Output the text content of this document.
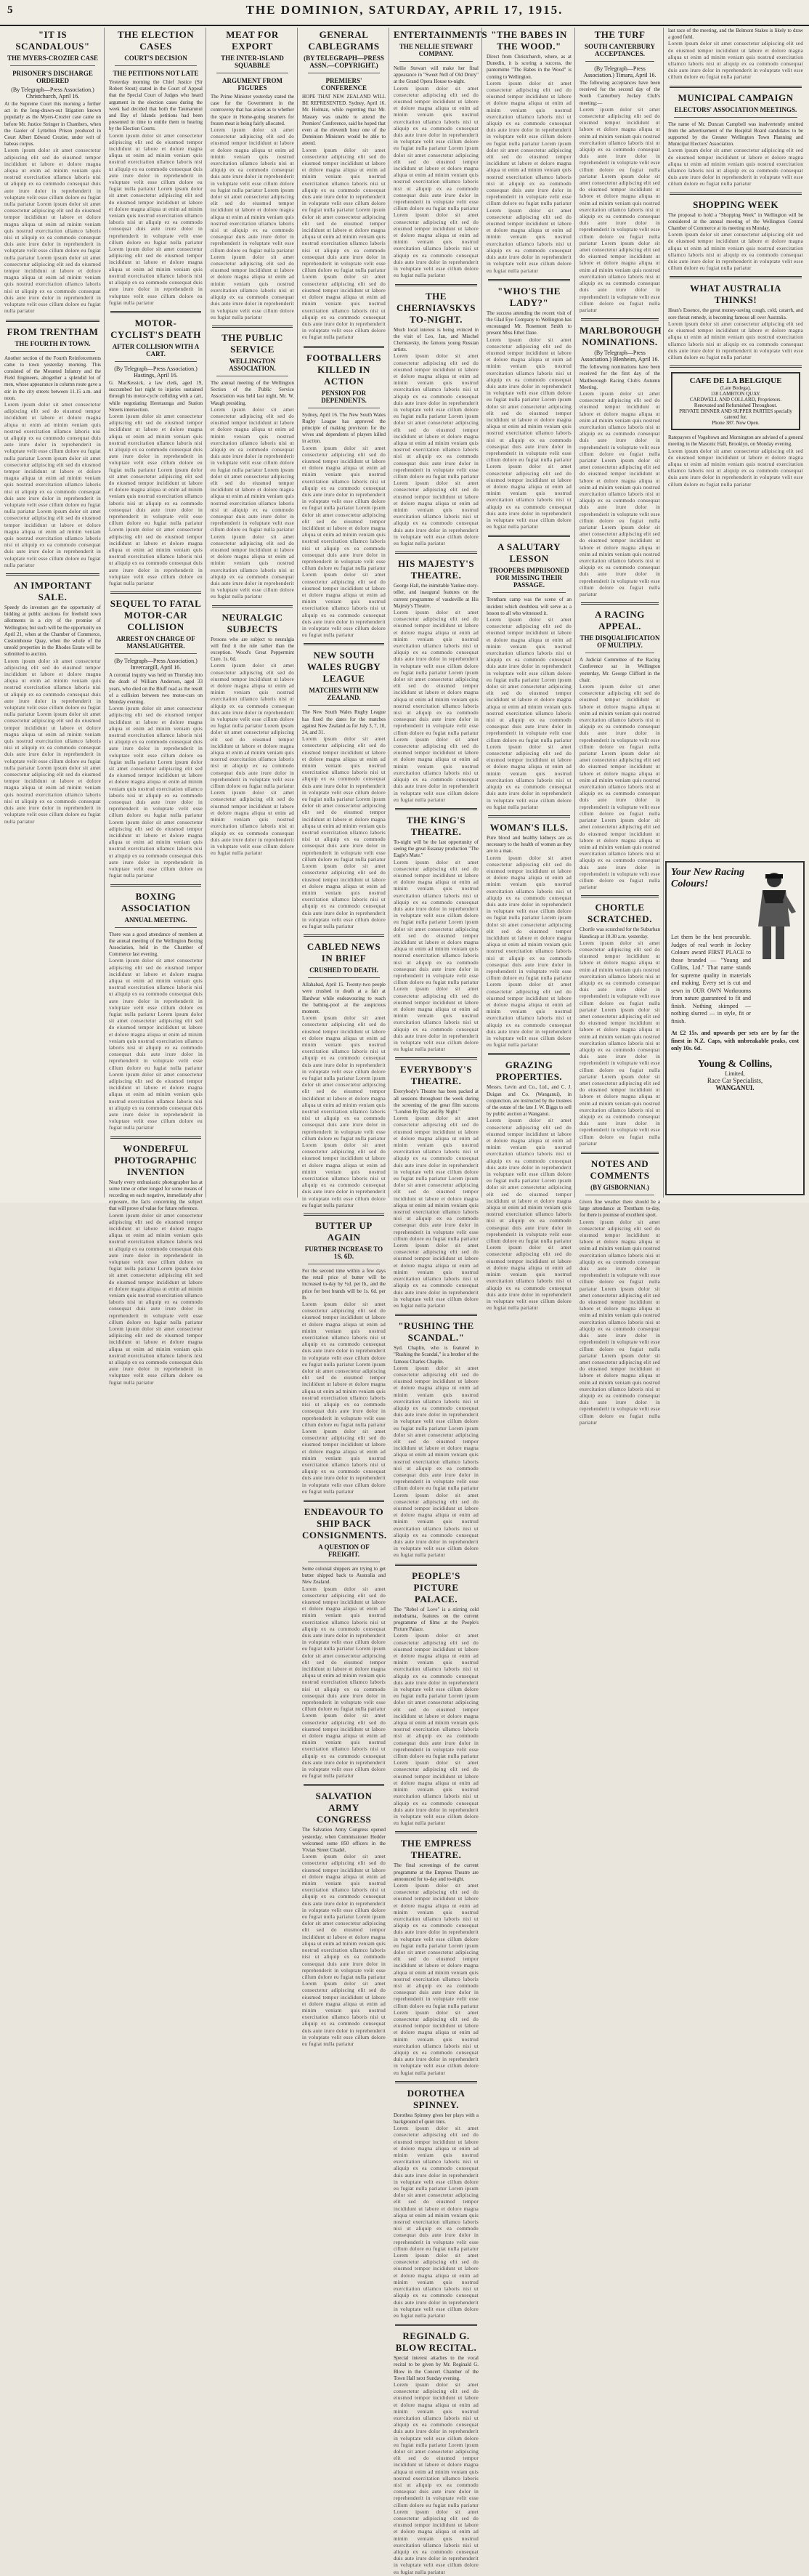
5	THE DOMINION, SATURDAY, APRIL 17, 1915.
"IT IS SCANDALOUS"
THE MYERS-CROZIER CASE
PRISONER'S DISCHARGE ORDERED
(By Telegraph—Press Association.) Christchurch, April 16.

At the Supreme Court this morning a further act in the long-drawn-out litigation known popularly as the Myers-Crozier case came on before Mr. Justice Stringer in Chambers, when the Gaoler of Lyttelton Prison produced in Court Albert Edward Crozier, under writ of habeas corpus.

Lorem ipsum dolor sit amet consectetur adipiscing elit sed do eiusmod tempor incididunt ut labore et dolore magna aliqua ut enim ad minim veniam quis nostrud exercitation ullamco laboris nisi ut aliquip ex ea commodo consequat duis aute irure dolor in reprehenderit in voluptate velit esse cillum dolore eu fugiat nulla pariatur Lorem ipsum dolor sit amet consectetur adipiscing elit sed do eiusmod tempor incididunt ut labore et dolore magna aliqua ut enim ad minim veniam quis nostrud exercitation ullamco laboris nisi ut aliquip ex ea commodo consequat duis aute irure dolor in reprehenderit in voluptate velit esse cillum dolore eu fugiat nulla pariatur Lorem ipsum dolor sit amet consectetur adipiscing elit sed do eiusmod tempor incididunt ut labore et dolore magna aliqua ut enim ad minim veniam quis nostrud exercitation ullamco laboris nisi ut aliquip ex ea commodo consequat duis aute irure dolor in reprehenderit in voluptate velit esse cillum dolore eu fugiat nulla pariatur

FROM TRENTHAM
THE FOURTH IN TOWN.

Another section of the Fourth Reinforcements came to town yesterday morning. This consisted of the Mounted Infantry and the Field Engineers, altogether a splendid lot of men, whose appearance in column route gave a stir in the city streets between 11.15 a.m. and noon.

Lorem ipsum dolor sit amet consectetur adipiscing elit sed do eiusmod tempor incididunt ut labore et dolore magna aliqua ut enim ad minim veniam quis nostrud exercitation ullamco laboris nisi ut aliquip ex ea commodo consequat duis aute irure dolor in reprehenderit in voluptate velit esse cillum dolore eu fugiat nulla pariatur Lorem ipsum dolor sit amet consectetur adipiscing elit sed do eiusmod tempor incididunt ut labore et dolore magna aliqua ut enim ad minim veniam quis nostrud exercitation ullamco laboris nisi ut aliquip ex ea commodo consequat duis aute irure dolor in reprehenderit in voluptate velit esse cillum dolore eu fugiat nulla pariatur Lorem ipsum dolor sit amet consectetur adipiscing elit sed do eiusmod tempor incididunt ut labore et dolore magna aliqua ut enim ad minim veniam quis nostrud exercitation ullamco laboris nisi ut aliquip ex ea commodo consequat duis aute irure dolor in reprehenderit in voluptate velit esse cillum dolore eu fugiat nulla pariatur

AN IMPORTANT SALE.

Speedy do investors get the opportunity of bidding at public auctions for freehold town allotments in a city of the promise of Wellington; but such will be the opportunity on April 21, when at the Chamber of Commerce, Customhouse Quay, when the whole of the unsold properties in the Rhodes Estate will be submitted to auction.

Lorem ipsum dolor sit amet consectetur adipiscing elit sed do eiusmod tempor incididunt ut labore et dolore magna aliqua ut enim ad minim veniam quis nostrud exercitation ullamco laboris nisi ut aliquip ex ea commodo consequat duis aute irure dolor in reprehenderit in voluptate velit esse cillum dolore eu fugiat nulla pariatur Lorem ipsum dolor sit amet consectetur adipiscing elit sed do eiusmod tempor incididunt ut labore et dolore magna aliqua ut enim ad minim veniam quis nostrud exercitation ullamco laboris nisi ut aliquip ex ea commodo consequat duis aute irure dolor in reprehenderit in voluptate velit esse cillum dolore eu fugiat nulla pariatur Lorem ipsum dolor sit amet consectetur adipiscing elit sed do eiusmod tempor incididunt ut labore et dolore magna aliqua ut enim ad minim veniam quis nostrud exercitation ullamco laboris nisi ut aliquip ex ea commodo consequat duis aute irure dolor in reprehenderit in voluptate velit esse cillum dolore eu fugiat nulla pariatur

THE ELECTION CASES
COURT'S DECISION
THE PETITIONS NOT LATE

Yesterday morning the Chief Justice (Sir Robert Stout) stated in the Court of Appeal that the Special Court of Judges who heard argument in the election cases during the week had decided that both the Taumarunui and Bay of Islands petitions had been presented in time to entitle them to hearing by the Election Courts.

Lorem ipsum dolor sit amet consectetur adipiscing elit sed do eiusmod tempor incididunt ut labore et dolore magna aliqua ut enim ad minim veniam quis nostrud exercitation ullamco laboris nisi ut aliquip ex ea commodo consequat duis aute irure dolor in reprehenderit in voluptate velit esse cillum dolore eu fugiat nulla pariatur Lorem ipsum dolor sit amet consectetur adipiscing elit sed do eiusmod tempor incididunt ut labore et dolore magna aliqua ut enim ad minim veniam quis nostrud exercitation ullamco laboris nisi ut aliquip ex ea commodo consequat duis aute irure dolor in reprehenderit in voluptate velit esse cillum dolore eu fugiat nulla pariatur Lorem ipsum dolor sit amet consectetur adipiscing elit sed do eiusmod tempor incididunt ut labore et dolore magna aliqua ut enim ad minim veniam quis nostrud exercitation ullamco laboris nisi ut aliquip ex ea commodo consequat duis aute irure dolor in reprehenderit in voluptate velit esse cillum dolore eu fugiat nulla pariatur

MOTOR-CYCLIST'S DEATH
AFTER COLLISION WITH A CART.
(By Telegraph—Press Association.) Hastings, April 16.

G. MacKessick, a law clerk, aged 19, succumbed last night to injuries sustained through his motor-cycle colliding with a cart, while negotiating Heretaunga and Station Streets intersection.

Lorem ipsum dolor sit amet consectetur adipiscing elit sed do eiusmod tempor incididunt ut labore et dolore magna aliqua ut enim ad minim veniam quis nostrud exercitation ullamco laboris nisi ut aliquip ex ea commodo consequat duis aute irure dolor in reprehenderit in voluptate velit esse cillum dolore eu fugiat nulla pariatur Lorem ipsum dolor sit amet consectetur adipiscing elit sed do eiusmod tempor incididunt ut labore et dolore magna aliqua ut enim ad minim veniam quis nostrud exercitation ullamco laboris nisi ut aliquip ex ea commodo consequat duis aute irure dolor in reprehenderit in voluptate velit esse cillum dolore eu fugiat nulla pariatur Lorem ipsum dolor sit amet consectetur adipiscing elit sed do eiusmod tempor incididunt ut labore et dolore magna aliqua ut enim ad minim veniam quis nostrud exercitation ullamco laboris nisi ut aliquip ex ea commodo consequat duis aute irure dolor in reprehenderit in voluptate velit esse cillum dolore eu fugiat nulla pariatur

SEQUEL TO FATAL MOTOR-CAR COLLISION
ARREST ON CHARGE OF MANSLAUGHTER.
(By Telegraph—Press Association.) Invercargill, April 16.

A coronial inquiry was held on Thursday into the death of William Anderson, aged 33 years, who died on the Bluff road as the result of a collision between two motor-cars on Monday evening.

Lorem ipsum dolor sit amet consectetur adipiscing elit sed do eiusmod tempor incididunt ut labore et dolore magna aliqua ut enim ad minim veniam quis nostrud exercitation ullamco laboris nisi ut aliquip ex ea commodo consequat duis aute irure dolor in reprehenderit in voluptate velit esse cillum dolore eu fugiat nulla pariatur Lorem ipsum dolor sit amet consectetur adipiscing elit sed do eiusmod tempor incididunt ut labore et dolore magna aliqua ut enim ad minim veniam quis nostrud exercitation ullamco laboris nisi ut aliquip ex ea commodo consequat duis aute irure dolor in reprehenderit in voluptate velit esse cillum dolore eu fugiat nulla pariatur Lorem ipsum dolor sit amet consectetur adipiscing elit sed do eiusmod tempor incididunt ut labore et dolore magna aliqua ut enim ad minim veniam quis nostrud exercitation ullamco laboris nisi ut aliquip ex ea commodo consequat duis aute irure dolor in reprehenderit in voluptate velit esse cillum dolore eu fugiat nulla pariatur

BOXING ASSOCIATION
ANNUAL MEETING.

There was a good attendance of members at the annual meeting of the Wellington Boxing Association, held in the Chamber of Commerce last evening.

Lorem ipsum dolor sit amet consectetur adipiscing elit sed do eiusmod tempor incididunt ut labore et dolore magna aliqua ut enim ad minim veniam quis nostrud exercitation ullamco laboris nisi ut aliquip ex ea commodo consequat duis aute irure dolor in reprehenderit in voluptate velit esse cillum dolore eu fugiat nulla pariatur Lorem ipsum dolor sit amet consectetur adipiscing elit sed do eiusmod tempor incididunt ut labore et dolore magna aliqua ut enim ad minim veniam quis nostrud exercitation ullamco laboris nisi ut aliquip ex ea commodo consequat duis aute irure dolor in reprehenderit in voluptate velit esse cillum dolore eu fugiat nulla pariatur Lorem ipsum dolor sit amet consectetur adipiscing elit sed do eiusmod tempor incididunt ut labore et dolore magna aliqua ut enim ad minim veniam quis nostrud exercitation ullamco laboris nisi ut aliquip ex ea commodo consequat duis aute irure dolor in reprehenderit in voluptate velit esse cillum dolore eu fugiat nulla pariatur

WONDERFUL PHOTOGRAPHIC INVENTION

Nearly every enthusiastic photographer has at some time or other longed for some means of recording on each negative, immediately after exposure, the facts concerning the subject that will prove of value for future reference.

Lorem ipsum dolor sit amet consectetur adipiscing elit sed do eiusmod tempor incididunt ut labore et dolore magna aliqua ut enim ad minim veniam quis nostrud exercitation ullamco laboris nisi ut aliquip ex ea commodo consequat duis aute irure dolor in reprehenderit in voluptate velit esse cillum dolore eu fugiat nulla pariatur Lorem ipsum dolor sit amet consectetur adipiscing elit sed do eiusmod tempor incididunt ut labore et dolore magna aliqua ut enim ad minim veniam quis nostrud exercitation ullamco laboris nisi ut aliquip ex ea commodo consequat duis aute irure dolor in reprehenderit in voluptate velit esse cillum dolore eu fugiat nulla pariatur Lorem ipsum dolor sit amet consectetur adipiscing elit sed do eiusmod tempor incididunt ut labore et dolore magna aliqua ut enim ad minim veniam quis nostrud exercitation ullamco laboris nisi ut aliquip ex ea commodo consequat duis aute irure dolor in reprehenderit in voluptate velit esse cillum dolore eu fugiat nulla pariatur

MEAT FOR EXPORT
THE INTER-ISLAND SQUABBLE
ARGUMENT FROM FIGURES

The Prime Minister yesterday stated the case for the Government in the controversy that has arisen as to whether the space in Home-going steamers for frozen meat is being fairly allocated.

Lorem ipsum dolor sit amet consectetur adipiscing elit sed do eiusmod tempor incididunt ut labore et dolore magna aliqua ut enim ad minim veniam quis nostrud exercitation ullamco laboris nisi ut aliquip ex ea commodo consequat duis aute irure dolor in reprehenderit in voluptate velit esse cillum dolore eu fugiat nulla pariatur Lorem ipsum dolor sit amet consectetur adipiscing elit sed do eiusmod tempor incididunt ut labore et dolore magna aliqua ut enim ad minim veniam quis nostrud exercitation ullamco laboris nisi ut aliquip ex ea commodo consequat duis aute irure dolor in reprehenderit in voluptate velit esse cillum dolore eu fugiat nulla pariatur Lorem ipsum dolor sit amet consectetur adipiscing elit sed do eiusmod tempor incididunt ut labore et dolore magna aliqua ut enim ad minim veniam quis nostrud exercitation ullamco laboris nisi ut aliquip ex ea commodo consequat duis aute irure dolor in reprehenderit in voluptate velit esse cillum dolore eu fugiat nulla pariatur

THE PUBLIC SERVICE
WELLINGTON ASSOCIATION.

The annual meeting of the Wellington Section of the Public Service Association was held last night, Mr. W. Waugh presiding.

Lorem ipsum dolor sit amet consectetur adipiscing elit sed do eiusmod tempor incididunt ut labore et dolore magna aliqua ut enim ad minim veniam quis nostrud exercitation ullamco laboris nisi ut aliquip ex ea commodo consequat duis aute irure dolor in reprehenderit in voluptate velit esse cillum dolore eu fugiat nulla pariatur Lorem ipsum dolor sit amet consectetur adipiscing elit sed do eiusmod tempor incididunt ut labore et dolore magna aliqua ut enim ad minim veniam quis nostrud exercitation ullamco laboris nisi ut aliquip ex ea commodo consequat duis aute irure dolor in reprehenderit in voluptate velit esse cillum dolore eu fugiat nulla pariatur Lorem ipsum dolor sit amet consectetur adipiscing elit sed do eiusmod tempor incididunt ut labore et dolore magna aliqua ut enim ad minim veniam quis nostrud exercitation ullamco laboris nisi ut aliquip ex ea commodo consequat duis aute irure dolor in reprehenderit in voluptate velit esse cillum dolore eu fugiat nulla pariatur

NEURALGIC SUBJECTS

Persons who are subject to neuralgia will find it the rule rather than the exception. Wood's Great Peppermint Cure. 1s. 6d.

Lorem ipsum dolor sit amet consectetur adipiscing elit sed do eiusmod tempor incididunt ut labore et dolore magna aliqua ut enim ad minim veniam quis nostrud exercitation ullamco laboris nisi ut aliquip ex ea commodo consequat duis aute irure dolor in reprehenderit in voluptate velit esse cillum dolore eu fugiat nulla pariatur Lorem ipsum dolor sit amet consectetur adipiscing elit sed do eiusmod tempor incididunt ut labore et dolore magna aliqua ut enim ad minim veniam quis nostrud exercitation ullamco laboris nisi ut aliquip ex ea commodo consequat duis aute irure dolor in reprehenderit in voluptate velit esse cillum dolore eu fugiat nulla pariatur Lorem ipsum dolor sit amet consectetur adipiscing elit sed do eiusmod tempor incididunt ut labore et dolore magna aliqua ut enim ad minim veniam quis nostrud exercitation ullamco laboris nisi ut aliquip ex ea commodo consequat duis aute irure dolor in reprehenderit in voluptate velit esse cillum dolore eu fugiat nulla pariatur

GENERAL CABLEGRAMS
(BY TELEGRAPH—PRESS ASSN.—COPYRIGHT.)
PREMIERS' CONFERENCE

HOPE THAT NEW ZEALAND WILL BE REPRESENTED. Sydney, April 16. Mr. Holman, while regretting that Mr. Massey was unable to attend the Premiers' Conference, said he hoped that even at the eleventh hour one of the Dominion Ministers would be able to attend.

Lorem ipsum dolor sit amet consectetur adipiscing elit sed do eiusmod tempor incididunt ut labore et dolore magna aliqua ut enim ad minim veniam quis nostrud exercitation ullamco laboris nisi ut aliquip ex ea commodo consequat duis aute irure dolor in reprehenderit in voluptate velit esse cillum dolore eu fugiat nulla pariatur Lorem ipsum dolor sit amet consectetur adipiscing elit sed do eiusmod tempor incididunt ut labore et dolore magna aliqua ut enim ad minim veniam quis nostrud exercitation ullamco laboris nisi ut aliquip ex ea commodo consequat duis aute irure dolor in reprehenderit in voluptate velit esse cillum dolore eu fugiat nulla pariatur Lorem ipsum dolor sit amet consectetur adipiscing elit sed do eiusmod tempor incididunt ut labore et dolore magna aliqua ut enim ad minim veniam quis nostrud exercitation ullamco laboris nisi ut aliquip ex ea commodo consequat duis aute irure dolor in reprehenderit in voluptate velit esse cillum dolore eu fugiat nulla pariatur

FOOTBALLERS KILLED IN ACTION
PENSION FOR DEPENDENTS.

Sydney, April 16. The New South Wales Rugby League has approved the principle of making provision for the wives and dependents of players killed in action.

Lorem ipsum dolor sit amet consectetur adipiscing elit sed do eiusmod tempor incididunt ut labore et dolore magna aliqua ut enim ad minim veniam quis nostrud exercitation ullamco laboris nisi ut aliquip ex ea commodo consequat duis aute irure dolor in reprehenderit in voluptate velit esse cillum dolore eu fugiat nulla pariatur Lorem ipsum dolor sit amet consectetur adipiscing elit sed do eiusmod tempor incididunt ut labore et dolore magna aliqua ut enim ad minim veniam quis nostrud exercitation ullamco laboris nisi ut aliquip ex ea commodo consequat duis aute irure dolor in reprehenderit in voluptate velit esse cillum dolore eu fugiat nulla pariatur Lorem ipsum dolor sit amet consectetur adipiscing elit sed do eiusmod tempor incididunt ut labore et dolore magna aliqua ut enim ad minim veniam quis nostrud exercitation ullamco laboris nisi ut aliquip ex ea commodo consequat duis aute irure dolor in reprehenderit in voluptate velit esse cillum dolore eu fugiat nulla pariatur

NEW SOUTH WALES RUGBY LEAGUE
MATCHES WITH NEW ZEALAND.

The New South Wales Rugby League has fixed the dates for the matches against New Zealand as for July 3, 7, 10, 24, and 31.

Lorem ipsum dolor sit amet consectetur adipiscing elit sed do eiusmod tempor incididunt ut labore et dolore magna aliqua ut enim ad minim veniam quis nostrud exercitation ullamco laboris nisi ut aliquip ex ea commodo consequat duis aute irure dolor in reprehenderit in voluptate velit esse cillum dolore eu fugiat nulla pariatur Lorem ipsum dolor sit amet consectetur adipiscing elit sed do eiusmod tempor incididunt ut labore et dolore magna aliqua ut enim ad minim veniam quis nostrud exercitation ullamco laboris nisi ut aliquip ex ea commodo consequat duis aute irure dolor in reprehenderit in voluptate velit esse cillum dolore eu fugiat nulla pariatur Lorem ipsum dolor sit amet consectetur adipiscing elit sed do eiusmod tempor incididunt ut labore et dolore magna aliqua ut enim ad minim veniam quis nostrud exercitation ullamco laboris nisi ut aliquip ex ea commodo consequat duis aute irure dolor in reprehenderit in voluptate velit esse cillum dolore eu fugiat nulla pariatur

CABLED NEWS IN BRIEF
CRUSHED TO DEATH.

Allahabad, April 15. Twenty-two people were crushed to death at a fair at Hardwar while endeavouring to reach the bathing-pool at the auspicious moment.

Lorem ipsum dolor sit amet consectetur adipiscing elit sed do eiusmod tempor incididunt ut labore et dolore magna aliqua ut enim ad minim veniam quis nostrud exercitation ullamco laboris nisi ut aliquip ex ea commodo consequat duis aute irure dolor in reprehenderit in voluptate velit esse cillum dolore eu fugiat nulla pariatur Lorem ipsum dolor sit amet consectetur adipiscing elit sed do eiusmod tempor incididunt ut labore et dolore magna aliqua ut enim ad minim veniam quis nostrud exercitation ullamco laboris nisi ut aliquip ex ea commodo consequat duis aute irure dolor in reprehenderit in voluptate velit esse cillum dolore eu fugiat nulla pariatur Lorem ipsum dolor sit amet consectetur adipiscing elit sed do eiusmod tempor incididunt ut labore et dolore magna aliqua ut enim ad minim veniam quis nostrud exercitation ullamco laboris nisi ut aliquip ex ea commodo consequat duis aute irure dolor in reprehenderit in voluptate velit esse cillum dolore eu fugiat nulla pariatur

BUTTER UP AGAIN
FURTHER INCREASE TO 1S. 6D.

For the second time within a few days the retail price of butter will be increased to-day by ½d. per lb., and the price for best brands will be 1s. 6d. per lb.

Lorem ipsum dolor sit amet consectetur adipiscing elit sed do eiusmod tempor incididunt ut labore et dolore magna aliqua ut enim ad minim veniam quis nostrud exercitation ullamco laboris nisi ut aliquip ex ea commodo consequat duis aute irure dolor in reprehenderit in voluptate velit esse cillum dolore eu fugiat nulla pariatur Lorem ipsum dolor sit amet consectetur adipiscing elit sed do eiusmod tempor incididunt ut labore et dolore magna aliqua ut enim ad minim veniam quis nostrud exercitation ullamco laboris nisi ut aliquip ex ea commodo consequat duis aute irure dolor in reprehenderit in voluptate velit esse cillum dolore eu fugiat nulla pariatur Lorem ipsum dolor sit amet consectetur adipiscing elit sed do eiusmod tempor incididunt ut labore et dolore magna aliqua ut enim ad minim veniam quis nostrud exercitation ullamco laboris nisi ut aliquip ex ea commodo consequat duis aute irure dolor in reprehenderit in voluptate velit esse cillum dolore eu fugiat nulla pariatur

ENDEAVOUR TO SHIP BACK CONSIGNMENTS.
A QUESTION OF FREIGHT.

Some colonial shippers are trying to get butter shipped back to Australia and New Zealand.

Lorem ipsum dolor sit amet consectetur adipiscing elit sed do eiusmod tempor incididunt ut labore et dolore magna aliqua ut enim ad minim veniam quis nostrud exercitation ullamco laboris nisi ut aliquip ex ea commodo consequat duis aute irure dolor in reprehenderit in voluptate velit esse cillum dolore eu fugiat nulla pariatur Lorem ipsum dolor sit amet consectetur adipiscing elit sed do eiusmod tempor incididunt ut labore et dolore magna aliqua ut enim ad minim veniam quis nostrud exercitation ullamco laboris nisi ut aliquip ex ea commodo consequat duis aute irure dolor in reprehenderit in voluptate velit esse cillum dolore eu fugiat nulla pariatur Lorem ipsum dolor sit amet consectetur adipiscing elit sed do eiusmod tempor incididunt ut labore et dolore magna aliqua ut enim ad minim veniam quis nostrud exercitation ullamco laboris nisi ut aliquip ex ea commodo consequat duis aute irure dolor in reprehenderit in voluptate velit esse cillum dolore eu fugiat nulla pariatur

SALVATION ARMY CONGRESS

The Salvation Army Congress opened yesterday, when Commissioner Hodder welcomed some 850 officers in the Vivian Street Citadel.

Lorem ipsum dolor sit amet consectetur adipiscing elit sed do eiusmod tempor incididunt ut labore et dolore magna aliqua ut enim ad minim veniam quis nostrud exercitation ullamco laboris nisi ut aliquip ex ea commodo consequat duis aute irure dolor in reprehenderit in voluptate velit esse cillum dolore eu fugiat nulla pariatur Lorem ipsum dolor sit amet consectetur adipiscing elit sed do eiusmod tempor incididunt ut labore et dolore magna aliqua ut enim ad minim veniam quis nostrud exercitation ullamco laboris nisi ut aliquip ex ea commodo consequat duis aute irure dolor in reprehenderit in voluptate velit esse cillum dolore eu fugiat nulla pariatur Lorem ipsum dolor sit amet consectetur adipiscing elit sed do eiusmod tempor incididunt ut labore et dolore magna aliqua ut enim ad minim veniam quis nostrud exercitation ullamco laboris nisi ut aliquip ex ea commodo consequat duis aute irure dolor in reprehenderit in voluptate velit esse cillum dolore eu fugiat nulla pariatur

ENTERTAINMENTS
THE NELLIE STEWART COMPANY.

Nellie Stewart will make her final appearance in "Sweet Nell of Old Drury" at the Grand Opera House to-night.

Lorem ipsum dolor sit amet consectetur adipiscing elit sed do eiusmod tempor incididunt ut labore et dolore magna aliqua ut enim ad minim veniam quis nostrud exercitation ullamco laboris nisi ut aliquip ex ea commodo consequat duis aute irure dolor in reprehenderit in voluptate velit esse cillum dolore eu fugiat nulla pariatur Lorem ipsum dolor sit amet consectetur adipiscing elit sed do eiusmod tempor incididunt ut labore et dolore magna aliqua ut enim ad minim veniam quis nostrud exercitation ullamco laboris nisi ut aliquip ex ea commodo consequat duis aute irure dolor in reprehenderit in voluptate velit esse cillum dolore eu fugiat nulla pariatur Lorem ipsum dolor sit amet consectetur adipiscing elit sed do eiusmod tempor incididunt ut labore et dolore magna aliqua ut enim ad minim veniam quis nostrud exercitation ullamco laboris nisi ut aliquip ex ea commodo consequat duis aute irure dolor in reprehenderit in voluptate velit esse cillum dolore eu fugiat nulla pariatur

THE CHERNIAVSKYS TO-NIGHT.

Much local interest is being evinced in the visit of Leo, Jan, and Mischel Cherniavsky, the famous young Russian artists.

Lorem ipsum dolor sit amet consectetur adipiscing elit sed do eiusmod tempor incididunt ut labore et dolore magna aliqua ut enim ad minim veniam quis nostrud exercitation ullamco laboris nisi ut aliquip ex ea commodo consequat duis aute irure dolor in reprehenderit in voluptate velit esse cillum dolore eu fugiat nulla pariatur Lorem ipsum dolor sit amet consectetur adipiscing elit sed do eiusmod tempor incididunt ut labore et dolore magna aliqua ut enim ad minim veniam quis nostrud exercitation ullamco laboris nisi ut aliquip ex ea commodo consequat duis aute irure dolor in reprehenderit in voluptate velit esse cillum dolore eu fugiat nulla pariatur Lorem ipsum dolor sit amet consectetur adipiscing elit sed do eiusmod tempor incididunt ut labore et dolore magna aliqua ut enim ad minim veniam quis nostrud exercitation ullamco laboris nisi ut aliquip ex ea commodo consequat duis aute irure dolor in reprehenderit in voluptate velit esse cillum dolore eu fugiat nulla pariatur

HIS MAJESTY'S THEATRE.

George Hall, the inimitable Yankee story-teller, and inaugural features on the current programme of vaudeville at His Majesty's Theatre.

Lorem ipsum dolor sit amet consectetur adipiscing elit sed do eiusmod tempor incididunt ut labore et dolore magna aliqua ut enim ad minim veniam quis nostrud exercitation ullamco laboris nisi ut aliquip ex ea commodo consequat duis aute irure dolor in reprehenderit in voluptate velit esse cillum dolore eu fugiat nulla pariatur Lorem ipsum dolor sit amet consectetur adipiscing elit sed do eiusmod tempor incididunt ut labore et dolore magna aliqua ut enim ad minim veniam quis nostrud exercitation ullamco laboris nisi ut aliquip ex ea commodo consequat duis aute irure dolor in reprehenderit in voluptate velit esse cillum dolore eu fugiat nulla pariatur Lorem ipsum dolor sit amet consectetur adipiscing elit sed do eiusmod tempor incididunt ut labore et dolore magna aliqua ut enim ad minim veniam quis nostrud exercitation ullamco laboris nisi ut aliquip ex ea commodo consequat duis aute irure dolor in reprehenderit in voluptate velit esse cillum dolore eu fugiat nulla pariatur

THE KING'S THEATRE.

To-night will be the last opportunity of seeing the great Essanay production "The Eagle's Mate."

Lorem ipsum dolor sit amet consectetur adipiscing elit sed do eiusmod tempor incididunt ut labore et dolore magna aliqua ut enim ad minim veniam quis nostrud exercitation ullamco laboris nisi ut aliquip ex ea commodo consequat duis aute irure dolor in reprehenderit in voluptate velit esse cillum dolore eu fugiat nulla pariatur Lorem ipsum dolor sit amet consectetur adipiscing elit sed do eiusmod tempor incididunt ut labore et dolore magna aliqua ut enim ad minim veniam quis nostrud exercitation ullamco laboris nisi ut aliquip ex ea commodo consequat duis aute irure dolor in reprehenderit in voluptate velit esse cillum dolore eu fugiat nulla pariatur Lorem ipsum dolor sit amet consectetur adipiscing elit sed do eiusmod tempor incididunt ut labore et dolore magna aliqua ut enim ad minim veniam quis nostrud exercitation ullamco laboris nisi ut aliquip ex ea commodo consequat duis aute irure dolor in reprehenderit in voluptate velit esse cillum dolore eu fugiat nulla pariatur

EVERYBODY'S THEATRE.

Everybody's Theatre has been packed at all sessions throughout the week during the screening of the great film success "London By Day and By Night."

Lorem ipsum dolor sit amet consectetur adipiscing elit sed do eiusmod tempor incididunt ut labore et dolore magna aliqua ut enim ad minim veniam quis nostrud exercitation ullamco laboris nisi ut aliquip ex ea commodo consequat duis aute irure dolor in reprehenderit in voluptate velit esse cillum dolore eu fugiat nulla pariatur Lorem ipsum dolor sit amet consectetur adipiscing elit sed do eiusmod tempor incididunt ut labore et dolore magna aliqua ut enim ad minim veniam quis nostrud exercitation ullamco laboris nisi ut aliquip ex ea commodo consequat duis aute irure dolor in reprehenderit in voluptate velit esse cillum dolore eu fugiat nulla pariatur Lorem ipsum dolor sit amet consectetur adipiscing elit sed do eiusmod tempor incididunt ut labore et dolore magna aliqua ut enim ad minim veniam quis nostrud exercitation ullamco laboris nisi ut aliquip ex ea commodo consequat duis aute irure dolor in reprehenderit in voluptate velit esse cillum dolore eu fugiat nulla pariatur

"RUSHING THE SCANDAL."

Syd. Chaplin, who is featured in "Rushing the Scandal," is a brother of the famous Charles Chaplin.

Lorem ipsum dolor sit amet consectetur adipiscing elit sed do eiusmod tempor incididunt ut labore et dolore magna aliqua ut enim ad minim veniam quis nostrud exercitation ullamco laboris nisi ut aliquip ex ea commodo consequat duis aute irure dolor in reprehenderit in voluptate velit esse cillum dolore eu fugiat nulla pariatur Lorem ipsum dolor sit amet consectetur adipiscing elit sed do eiusmod tempor incididunt ut labore et dolore magna aliqua ut enim ad minim veniam quis nostrud exercitation ullamco laboris nisi ut aliquip ex ea commodo consequat duis aute irure dolor in reprehenderit in voluptate velit esse cillum dolore eu fugiat nulla pariatur Lorem ipsum dolor sit amet consectetur adipiscing elit sed do eiusmod tempor incididunt ut labore et dolore magna aliqua ut enim ad minim veniam quis nostrud exercitation ullamco laboris nisi ut aliquip ex ea commodo consequat duis aute irure dolor in reprehenderit in voluptate velit esse cillum dolore eu fugiat nulla pariatur

PEOPLE'S PICTURE PALACE.

The "Rebel of Love" is a stirring cold melodrama, features on the current programme of films at the People's Picture Palace.

Lorem ipsum dolor sit amet consectetur adipiscing elit sed do eiusmod tempor incididunt ut labore et dolore magna aliqua ut enim ad minim veniam quis nostrud exercitation ullamco laboris nisi ut aliquip ex ea commodo consequat duis aute irure dolor in reprehenderit in voluptate velit esse cillum dolore eu fugiat nulla pariatur Lorem ipsum dolor sit amet consectetur adipiscing elit sed do eiusmod tempor incididunt ut labore et dolore magna aliqua ut enim ad minim veniam quis nostrud exercitation ullamco laboris nisi ut aliquip ex ea commodo consequat duis aute irure dolor in reprehenderit in voluptate velit esse cillum dolore eu fugiat nulla pariatur Lorem ipsum dolor sit amet consectetur adipiscing elit sed do eiusmod tempor incididunt ut labore et dolore magna aliqua ut enim ad minim veniam quis nostrud exercitation ullamco laboris nisi ut aliquip ex ea commodo consequat duis aute irure dolor in reprehenderit in voluptate velit esse cillum dolore eu fugiat nulla pariatur

THE EMPRESS THEATRE.

The final screenings of the current programme at the Empress Theatre are announced for to-day and to-night.

Lorem ipsum dolor sit amet consectetur adipiscing elit sed do eiusmod tempor incididunt ut labore et dolore magna aliqua ut enim ad minim veniam quis nostrud exercitation ullamco laboris nisi ut aliquip ex ea commodo consequat duis aute irure dolor in reprehenderit in voluptate velit esse cillum dolore eu fugiat nulla pariatur Lorem ipsum dolor sit amet consectetur adipiscing elit sed do eiusmod tempor incididunt ut labore et dolore magna aliqua ut enim ad minim veniam quis nostrud exercitation ullamco laboris nisi ut aliquip ex ea commodo consequat duis aute irure dolor in reprehenderit in voluptate velit esse cillum dolore eu fugiat nulla pariatur Lorem ipsum dolor sit amet consectetur adipiscing elit sed do eiusmod tempor incididunt ut labore et dolore magna aliqua ut enim ad minim veniam quis nostrud exercitation ullamco laboris nisi ut aliquip ex ea commodo consequat duis aute irure dolor in reprehenderit in voluptate velit esse cillum dolore eu fugiat nulla pariatur

DOROTHEA SPINNEY.

Dorothea Spinney gives her plays with a background of quiet tints.

Lorem ipsum dolor sit amet consectetur adipiscing elit sed do eiusmod tempor incididunt ut labore et dolore magna aliqua ut enim ad minim veniam quis nostrud exercitation ullamco laboris nisi ut aliquip ex ea commodo consequat duis aute irure dolor in reprehenderit in voluptate velit esse cillum dolore eu fugiat nulla pariatur Lorem ipsum dolor sit amet consectetur adipiscing elit sed do eiusmod tempor incididunt ut labore et dolore magna aliqua ut enim ad minim veniam quis nostrud exercitation ullamco laboris nisi ut aliquip ex ea commodo consequat duis aute irure dolor in reprehenderit in voluptate velit esse cillum dolore eu fugiat nulla pariatur Lorem ipsum dolor sit amet consectetur adipiscing elit sed do eiusmod tempor incididunt ut labore et dolore magna aliqua ut enim ad minim veniam quis nostrud exercitation ullamco laboris nisi ut aliquip ex ea commodo consequat duis aute irure dolor in reprehenderit in voluptate velit esse cillum dolore eu fugiat nulla pariatur

REGINALD G. BLOW RECITAL.

Special interest attaches to the vocal recital to be given by Mr. Reginald G. Blow in the Concert Chamber of the Town Hall next Sunday evening.

Lorem ipsum dolor sit amet consectetur adipiscing elit sed do eiusmod tempor incididunt ut labore et dolore magna aliqua ut enim ad minim veniam quis nostrud exercitation ullamco laboris nisi ut aliquip ex ea commodo consequat duis aute irure dolor in reprehenderit in voluptate velit esse cillum dolore eu fugiat nulla pariatur Lorem ipsum dolor sit amet consectetur adipiscing elit sed do eiusmod tempor incididunt ut labore et dolore magna aliqua ut enim ad minim veniam quis nostrud exercitation ullamco laboris nisi ut aliquip ex ea commodo consequat duis aute irure dolor in reprehenderit in voluptate velit esse cillum dolore eu fugiat nulla pariatur Lorem ipsum dolor sit amet consectetur adipiscing elit sed do eiusmod tempor incididunt ut labore et dolore magna aliqua ut enim ad minim veniam quis nostrud exercitation ullamco laboris nisi ut aliquip ex ea commodo consequat duis aute irure dolor in reprehenderit in voluptate velit esse cillum dolore eu fugiat nulla pariatur

"THE BABES IN THE WOOD."

Direct from Christchurch, where, as at Dunedin, it is scoring a success, the pantomime "The Babes in the Wood" is coming to Wellington.

Lorem ipsum dolor sit amet consectetur adipiscing elit sed do eiusmod tempor incididunt ut labore et dolore magna aliqua ut enim ad minim veniam quis nostrud exercitation ullamco laboris nisi ut aliquip ex ea commodo consequat duis aute irure dolor in reprehenderit in voluptate velit esse cillum dolore eu fugiat nulla pariatur Lorem ipsum dolor sit amet consectetur adipiscing elit sed do eiusmod tempor incididunt ut labore et dolore magna aliqua ut enim ad minim veniam quis nostrud exercitation ullamco laboris nisi ut aliquip ex ea commodo consequat duis aute irure dolor in reprehenderit in voluptate velit esse cillum dolore eu fugiat nulla pariatur Lorem ipsum dolor sit amet consectetur adipiscing elit sed do eiusmod tempor incididunt ut labore et dolore magna aliqua ut enim ad minim veniam quis nostrud exercitation ullamco laboris nisi ut aliquip ex ea commodo consequat duis aute irure dolor in reprehenderit in voluptate velit esse cillum dolore eu fugiat nulla pariatur

"WHO'S THE LADY?"

The success attending the recent visit of the Glad Eye Company to Wellington has encouraged Mr. Rosemont Smith to present Miss Ethel Dane.

Lorem ipsum dolor sit amet consectetur adipiscing elit sed do eiusmod tempor incididunt ut labore et dolore magna aliqua ut enim ad minim veniam quis nostrud exercitation ullamco laboris nisi ut aliquip ex ea commodo consequat duis aute irure dolor in reprehenderit in voluptate velit esse cillum dolore eu fugiat nulla pariatur Lorem ipsum dolor sit amet consectetur adipiscing elit sed do eiusmod tempor incididunt ut labore et dolore magna aliqua ut enim ad minim veniam quis nostrud exercitation ullamco laboris nisi ut aliquip ex ea commodo consequat duis aute irure dolor in reprehenderit in voluptate velit esse cillum dolore eu fugiat nulla pariatur Lorem ipsum dolor sit amet consectetur adipiscing elit sed do eiusmod tempor incididunt ut labore et dolore magna aliqua ut enim ad minim veniam quis nostrud exercitation ullamco laboris nisi ut aliquip ex ea commodo consequat duis aute irure dolor in reprehenderit in voluptate velit esse cillum dolore eu fugiat nulla pariatur

A SALUTARY LESSON
TROOPERS IMPRISONED FOR MISSING THEIR PASSAGE.

Trentham camp was the scene of an incident which doubtless will serve as a lesson to all who witnessed it.

Lorem ipsum dolor sit amet consectetur adipiscing elit sed do eiusmod tempor incididunt ut labore et dolore magna aliqua ut enim ad minim veniam quis nostrud exercitation ullamco laboris nisi ut aliquip ex ea commodo consequat duis aute irure dolor in reprehenderit in voluptate velit esse cillum dolore eu fugiat nulla pariatur Lorem ipsum dolor sit amet consectetur adipiscing elit sed do eiusmod tempor incididunt ut labore et dolore magna aliqua ut enim ad minim veniam quis nostrud exercitation ullamco laboris nisi ut aliquip ex ea commodo consequat duis aute irure dolor in reprehenderit in voluptate velit esse cillum dolore eu fugiat nulla pariatur Lorem ipsum dolor sit amet consectetur adipiscing elit sed do eiusmod tempor incididunt ut labore et dolore magna aliqua ut enim ad minim veniam quis nostrud exercitation ullamco laboris nisi ut aliquip ex ea commodo consequat duis aute irure dolor in reprehenderit in voluptate velit esse cillum dolore eu fugiat nulla pariatur

WOMAN'S ILLS.

Pure blood and healthy kidneys are as necessary to the health of women as they are to a man.

Lorem ipsum dolor sit amet consectetur adipiscing elit sed do eiusmod tempor incididunt ut labore et dolore magna aliqua ut enim ad minim veniam quis nostrud exercitation ullamco laboris nisi ut aliquip ex ea commodo consequat duis aute irure dolor in reprehenderit in voluptate velit esse cillum dolore eu fugiat nulla pariatur Lorem ipsum dolor sit amet consectetur adipiscing elit sed do eiusmod tempor incididunt ut labore et dolore magna aliqua ut enim ad minim veniam quis nostrud exercitation ullamco laboris nisi ut aliquip ex ea commodo consequat duis aute irure dolor in reprehenderit in voluptate velit esse cillum dolore eu fugiat nulla pariatur Lorem ipsum dolor sit amet consectetur adipiscing elit sed do eiusmod tempor incididunt ut labore et dolore magna aliqua ut enim ad minim veniam quis nostrud exercitation ullamco laboris nisi ut aliquip ex ea commodo consequat duis aute irure dolor in reprehenderit in voluptate velit esse cillum dolore eu fugiat nulla pariatur

GRAZING PROPERTIES.

Messrs. Levin and Co., Ltd., and C. J. Duigan and Co. (Wanganui), in conjunction, are instructed by the trustees of the estate of the late J. W. Biggs to sell by public auction at Wanganui.

Lorem ipsum dolor sit amet consectetur adipiscing elit sed do eiusmod tempor incididunt ut labore et dolore magna aliqua ut enim ad minim veniam quis nostrud exercitation ullamco laboris nisi ut aliquip ex ea commodo consequat duis aute irure dolor in reprehenderit in voluptate velit esse cillum dolore eu fugiat nulla pariatur Lorem ipsum dolor sit amet consectetur adipiscing elit sed do eiusmod tempor incididunt ut labore et dolore magna aliqua ut enim ad minim veniam quis nostrud exercitation ullamco laboris nisi ut aliquip ex ea commodo consequat duis aute irure dolor in reprehenderit in voluptate velit esse cillum dolore eu fugiat nulla pariatur Lorem ipsum dolor sit amet consectetur adipiscing elit sed do eiusmod tempor incididunt ut labore et dolore magna aliqua ut enim ad minim veniam quis nostrud exercitation ullamco laboris nisi ut aliquip ex ea commodo consequat duis aute irure dolor in reprehenderit in voluptate velit esse cillum dolore eu fugiat nulla pariatur

THE TURF
SOUTH CANTERBURY ACCEPTANCES.
(By Telegraph—Press Association.) Timaru, April 16.

The following acceptances have been received for the second day of the South Canterbury Jockey Club's meeting:—

Lorem ipsum dolor sit amet consectetur adipiscing elit sed do eiusmod tempor incididunt ut labore et dolore magna aliqua ut enim ad minim veniam quis nostrud exercitation ullamco laboris nisi ut aliquip ex ea commodo consequat duis aute irure dolor in reprehenderit in voluptate velit esse cillum dolore eu fugiat nulla pariatur Lorem ipsum dolor sit amet consectetur adipiscing elit sed do eiusmod tempor incididunt ut labore et dolore magna aliqua ut enim ad minim veniam quis nostrud exercitation ullamco laboris nisi ut aliquip ex ea commodo consequat duis aute irure dolor in reprehenderit in voluptate velit esse cillum dolore eu fugiat nulla pariatur Lorem ipsum dolor sit amet consectetur adipiscing elit sed do eiusmod tempor incididunt ut labore et dolore magna aliqua ut enim ad minim veniam quis nostrud exercitation ullamco laboris nisi ut aliquip ex ea commodo consequat duis aute irure dolor in reprehenderit in voluptate velit esse cillum dolore eu fugiat nulla pariatur

MARLBOROUGH NOMINATIONS.
(By Telegraph—Press Association.) Blenheim, April 16.

The following nominations have been received for the first day of the Marlborough Racing Club's Autumn Meeting.

Lorem ipsum dolor sit amet consectetur adipiscing elit sed do eiusmod tempor incididunt ut labore et dolore magna aliqua ut enim ad minim veniam quis nostrud exercitation ullamco laboris nisi ut aliquip ex ea commodo consequat duis aute irure dolor in reprehenderit in voluptate velit esse cillum dolore eu fugiat nulla pariatur Lorem ipsum dolor sit amet consectetur adipiscing elit sed do eiusmod tempor incididunt ut labore et dolore magna aliqua ut enim ad minim veniam quis nostrud exercitation ullamco laboris nisi ut aliquip ex ea commodo consequat duis aute irure dolor in reprehenderit in voluptate velit esse cillum dolore eu fugiat nulla pariatur Lorem ipsum dolor sit amet consectetur adipiscing elit sed do eiusmod tempor incididunt ut labore et dolore magna aliqua ut enim ad minim veniam quis nostrud exercitation ullamco laboris nisi ut aliquip ex ea commodo consequat duis aute irure dolor in reprehenderit in voluptate velit esse cillum dolore eu fugiat nulla pariatur

A RACING APPEAL.
THE DISQUALIFICATION OF MULTIPLY.

A Judicial Committee of the Racing Conference sat in Wellington yesterday, Mr. George Clifford in the chair.

Lorem ipsum dolor sit amet consectetur adipiscing elit sed do eiusmod tempor incididunt ut labore et dolore magna aliqua ut enim ad minim veniam quis nostrud exercitation ullamco laboris nisi ut aliquip ex ea commodo consequat duis aute irure dolor in reprehenderit in voluptate velit esse cillum dolore eu fugiat nulla pariatur Lorem ipsum dolor sit amet consectetur adipiscing elit sed do eiusmod tempor incididunt ut labore et dolore magna aliqua ut enim ad minim veniam quis nostrud exercitation ullamco laboris nisi ut aliquip ex ea commodo consequat duis aute irure dolor in reprehenderit in voluptate velit esse cillum dolore eu fugiat nulla pariatur Lorem ipsum dolor sit amet consectetur adipiscing elit sed do eiusmod tempor incididunt ut labore et dolore magna aliqua ut enim ad minim veniam quis nostrud exercitation ullamco laboris nisi ut aliquip ex ea commodo consequat duis aute irure dolor in reprehenderit in voluptate velit esse cillum dolore eu fugiat nulla pariatur

CHORTLE SCRATCHED.

Chortle was scratched for the Suburban Handicap at 10.30 a.m. yesterday.

Lorem ipsum dolor sit amet consectetur adipiscing elit sed do eiusmod tempor incididunt ut labore et dolore magna aliqua ut enim ad minim veniam quis nostrud exercitation ullamco laboris nisi ut aliquip ex ea commodo consequat duis aute irure dolor in reprehenderit in voluptate velit esse cillum dolore eu fugiat nulla pariatur Lorem ipsum dolor sit amet consectetur adipiscing elit sed do eiusmod tempor incididunt ut labore et dolore magna aliqua ut enim ad minim veniam quis nostrud exercitation ullamco laboris nisi ut aliquip ex ea commodo consequat duis aute irure dolor in reprehenderit in voluptate velit esse cillum dolore eu fugiat nulla pariatur Lorem ipsum dolor sit amet consectetur adipiscing elit sed do eiusmod tempor incididunt ut labore et dolore magna aliqua ut enim ad minim veniam quis nostrud exercitation ullamco laboris nisi ut aliquip ex ea commodo consequat duis aute irure dolor in reprehenderit in voluptate velit esse cillum dolore eu fugiat nulla pariatur

NOTES AND COMMENTS
(BY GISBORNIAN.)

Given fine weather there should be a large attendance at Trentham to-day, for there is promise of excellent sport.

Lorem ipsum dolor sit amet consectetur adipiscing elit sed do eiusmod tempor incididunt ut labore et dolore magna aliqua ut enim ad minim veniam quis nostrud exercitation ullamco laboris nisi ut aliquip ex ea commodo consequat duis aute irure dolor in reprehenderit in voluptate velit esse cillum dolore eu fugiat nulla pariatur Lorem ipsum dolor sit amet consectetur adipiscing elit sed do eiusmod tempor incididunt ut labore et dolore magna aliqua ut enim ad minim veniam quis nostrud exercitation ullamco laboris nisi ut aliquip ex ea commodo consequat duis aute irure dolor in reprehenderit in voluptate velit esse cillum dolore eu fugiat nulla pariatur Lorem ipsum dolor sit amet consectetur adipiscing elit sed do eiusmod tempor incididunt ut labore et dolore magna aliqua ut enim ad minim veniam quis nostrud exercitation ullamco laboris nisi ut aliquip ex ea commodo consequat duis aute irure dolor in reprehenderit in voluptate velit esse cillum dolore eu fugiat nulla pariatur

last race of the meeting, and the Belmont Stakes is likely to draw a good field.

Lorem ipsum dolor sit amet consectetur adipiscing elit sed do eiusmod tempor incididunt ut labore et dolore magna aliqua ut enim ad minim veniam quis nostrud exercitation ullamco laboris nisi ut aliquip ex ea commodo consequat duis aute irure dolor in reprehenderit in voluptate velit esse cillum dolore eu fugiat nulla pariatur

MUNICIPAL CAMPAIGN
ELECTORS' ASSOCIATION MEETINGS.

The name of Mr. Duncan Campbell was inadvertently omitted from the advertisement of the Hospital Board candidates to be supported by the Greater Wellington Town Planning and Municipal Electors' Association.

Lorem ipsum dolor sit amet consectetur adipiscing elit sed do eiusmod tempor incididunt ut labore et dolore magna aliqua ut enim ad minim veniam quis nostrud exercitation ullamco laboris nisi ut aliquip ex ea commodo consequat duis aute irure dolor in reprehenderit in voluptate velit esse cillum dolore eu fugiat nulla pariatur

SHOPPING WEEK

The proposal to hold a "Shopping Week" in Wellington will be considered at the annual meeting of the Wellington Central Chamber of Commerce at its meeting on Monday.

Lorem ipsum dolor sit amet consectetur adipiscing elit sed do eiusmod tempor incididunt ut labore et dolore magna aliqua ut enim ad minim veniam quis nostrud exercitation ullamco laboris nisi ut aliquip ex ea commodo consequat duis aute irure dolor in reprehenderit in voluptate velit esse cillum dolore eu fugiat nulla pariatur

WHAT AUSTRALIA THINKS!

Hean's Essence, the great money-saving cough, cold, catarrh, and sore throat remedy, is becoming famous all over Australia.

Lorem ipsum dolor sit amet consectetur adipiscing elit sed do eiusmod tempor incididunt ut labore et dolore magna aliqua ut enim ad minim veniam quis nostrud exercitation ullamco laboris nisi ut aliquip ex ea commodo consequat duis aute irure dolor in reprehenderit in voluptate velit esse cillum dolore eu fugiat nulla pariatur

CAFE DE LA BELGIQUE
(Late Bodega),
138 LAMBTON QUAY.
CARDWELL AND COLLARD, Proprietors.
Renovated and Refurnished Throughout.
PRIVATE DINNER AND SUPPER PARTIES specially catered for.
Phone 387. Now Open.

Ratepayers of Vogeltown and Mornington are advised of a general meeting in the Masonic Hall, Brooklyn, on Monday evening.

Lorem ipsum dolor sit amet consectetur adipiscing elit sed do eiusmod tempor incididunt ut labore et dolore magna aliqua ut enim ad minim veniam quis nostrud exercitation ullamco laboris nisi ut aliquip ex ea commodo consequat duis aute irure dolor in reprehenderit in voluptate velit esse cillum dolore eu fugiat nulla pariatur

Your New Racing Colours!

Let them be the best procurable. Judges of real worth in Jockey Colours award FIRST PLACE to those branded — "Young and Collins, Ltd." That name stands for supreme quality in materials and making. Every set is cut and sewn in OUR OWN Workrooms from nature guaranteed to fit and finish. Nothing skimped — nothing slurred — in style, fit or finish.

At £2 15s. and upwards per sets are by far the finest in N.Z. Caps, with unbreakable peaks, cost only 10s. 6d.

Young & Collins,
Limited,
Race Car Specialists,
WANGANUI.
